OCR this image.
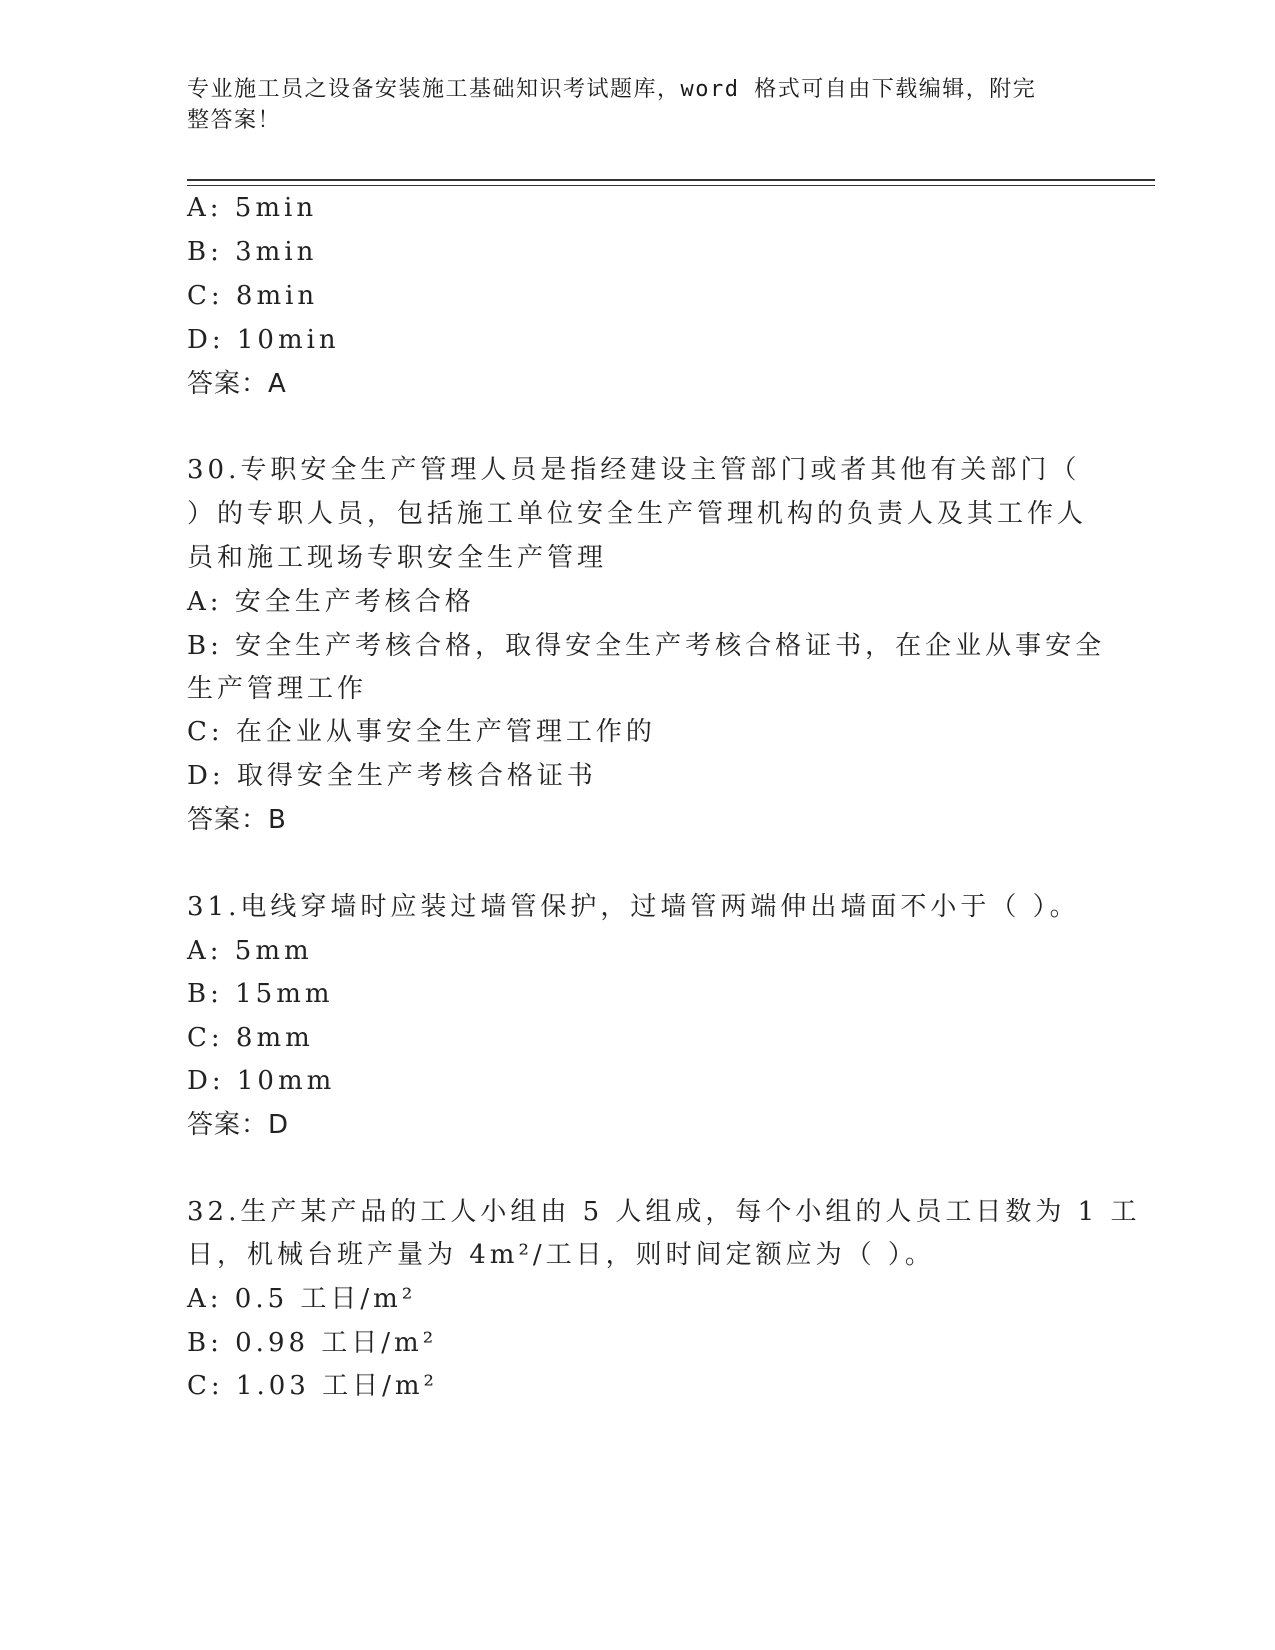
专业施工员之设备安装施工基础知识考试题库，word 格式可自由下载编辑，附完
整答案！
A: 5min
B: 3min
C: 8min
D: 10min
答案：A
30.专职安全生产管理人员是指经建设主管部门或者其他有关部门（
）的专职人员，包括施工单位安全生产管理机构的负责人及其工作人
员和施工现场专职安全生产管理
A: 安全生产考核合格
B: 安全生产考核合格，取得安全生产考核合格证书，在企业从事安全
生产管理工作
C: 在企业从事安全生产管理工作的
D: 取得安全生产考核合格证书
答案：B
31.电线穿墙时应装过墙管保护，过墙管两端伸出墙面不小于（ ）。
A: 5mm
B: 15mm
C: 8mm
D: 10mm
答案：D
32.生产某产品的工人小组由 5 人组成，每个小组的人员工日数为 1 工
日，机械台班产量为 4m²/工日，则时间定额应为（ ）。
A: 0.5 工日/m²
B: 0.98 工日/m²
C: 1.03 工日/m²
